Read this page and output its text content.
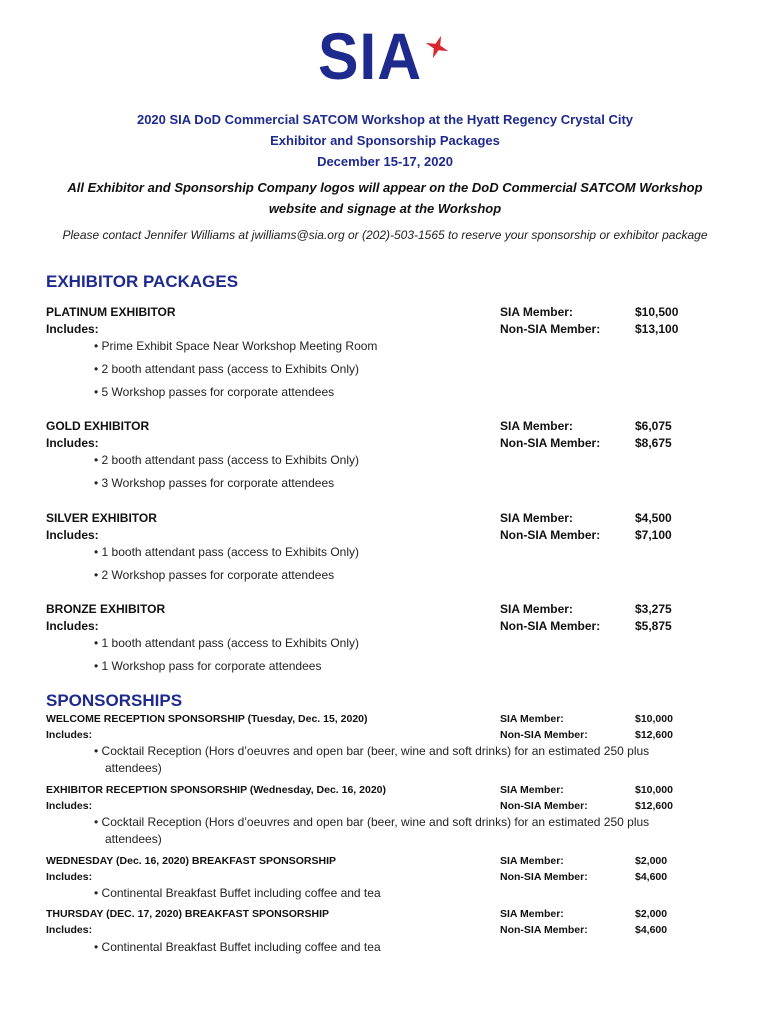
SIA
2020 SIA DoD Commercial SATCOM Workshop at the Hyatt Regency Crystal City
Exhibitor and Sponsorship Packages
December 15-17, 2020
All Exhibitor and Sponsorship Company logos will appear on the DoD Commercial SATCOM Workshop
website and signage at the Workshop
Please contact Jennifer Williams at jwilliams@sia.org or (202)-503-1565 to reserve your sponsorship or exhibitor package
EXHIBITOR PACKAGES
PLATINUM EXHIBITOR
Includes:
SIA Member:	$10,500
Non-SIA Member:	$13,100
• Prime Exhibit Space Near Workshop Meeting Room
• 2 booth attendant pass (access to Exhibits Only)
• 5 Workshop passes for corporate attendees
GOLD EXHIBITOR
Includes:
SIA Member:	$6,075
Non-SIA Member:	$8,675
• 2 booth attendant pass (access to Exhibits Only)
• 3 Workshop passes for corporate attendees
SILVER EXHIBITOR
Includes:
SIA Member:	$4,500
Non-SIA Member:	$7,100
• 1 booth attendant pass (access to Exhibits Only)
• 2 Workshop passes for corporate attendees
BRONZE EXHIBITOR
Includes:
SIA Member:	$3,275
Non-SIA Member:	$5,875
• 1 booth attendant pass (access to Exhibits Only)
• 1 Workshop pass for corporate attendees
SPONSORSHIPS
WELCOME RECEPTION SPONSORSHIP (Tuesday, Dec. 15, 2020)
Includes:
SIA Member:	$10,000
Non-SIA Member:	$12,600
• Cocktail Reception (Hors d’oeuvres and open bar (beer, wine and soft drinks) for an estimated 250 plus
attendees)
EXHIBITOR RECEPTION SPONSORSHIP (Wednesday, Dec. 16, 2020)
Includes:
SIA Member:	$10,000
Non-SIA Member:	$12,600
• Cocktail Reception (Hors d’oeuvres and open bar (beer, wine and soft drinks) for an estimated 250 plus
attendees)
WEDNESDAY (Dec. 16, 2020) BREAKFAST SPONSORSHIP
Includes:
SIA Member:	$2,000
Non-SIA Member:	$4,600
• Continental Breakfast Buffet including coffee and tea
THURSDAY (DEC. 17, 2020) BREAKFAST SPONSORSHIP
Includes:
SIA Member:	$2,000
Non-SIA Member:	$4,600
• Continental Breakfast Buffet including coffee and tea
